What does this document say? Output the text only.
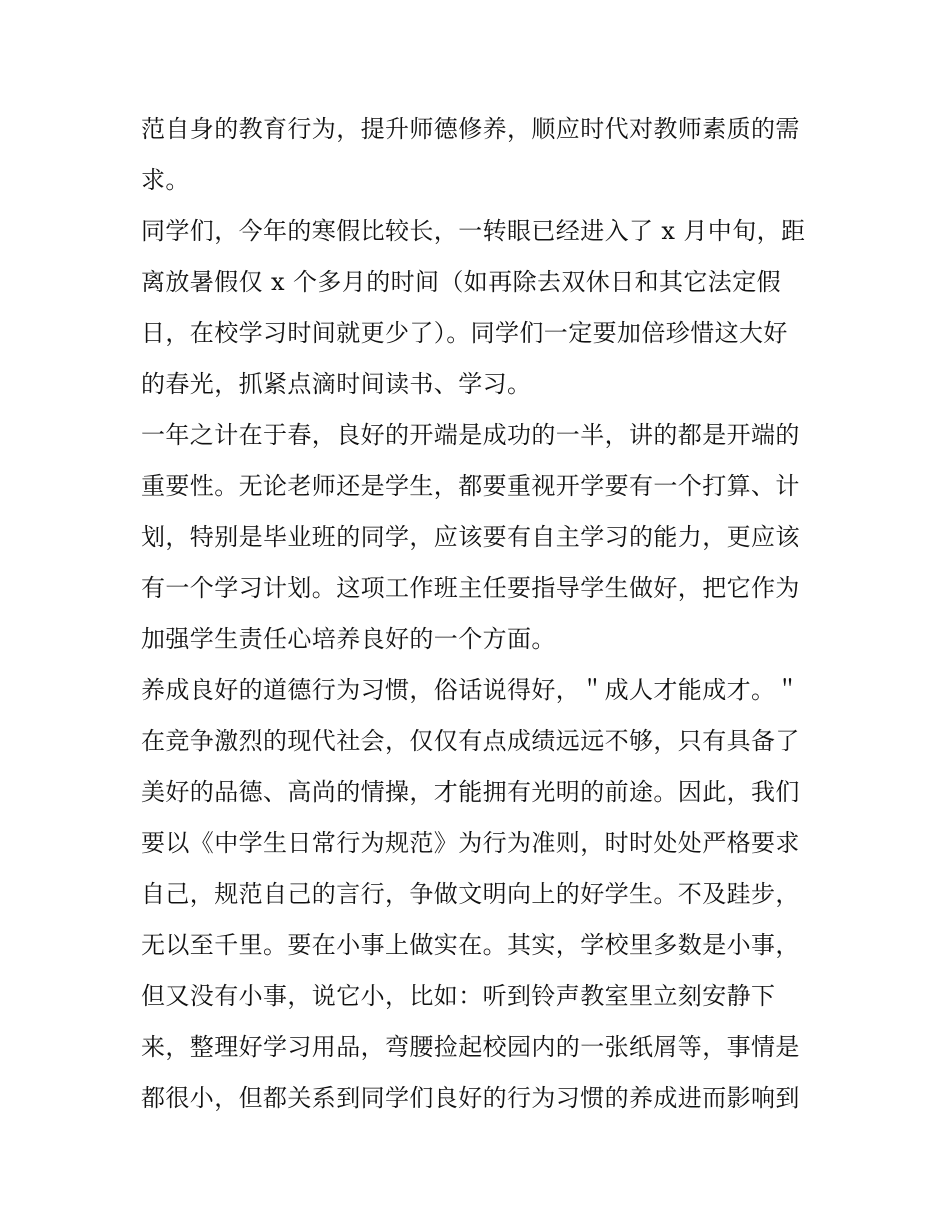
范自身的教育行为，提升师德修养，顺应时代对教师素质的需
求。
同学们，今年的寒假比较长，一转眼已经进入了 x 月中旬，距
离放暑假仅 x 个多月的时间（如再除去双休日和其它法定假
日，在校学习时间就更少了）。同学们一定要加倍珍惜这大好
的春光，抓紧点滴时间读书、学习。
一年之计在于春，良好的开端是成功的一半，讲的都是开端的
重要性。无论老师还是学生，都要重视开学要有一个打算、计
划，特别是毕业班的同学，应该要有自主学习的能力，更应该
有一个学习计划。这项工作班主任要指导学生做好，把它作为
加强学生责任心培养良好的一个方面。
养成良好的道德行为习惯，俗话说得好，＂成人才能成才。＂
在竞争激烈的现代社会，仅仅有点成绩远远不够，只有具备了
美好的品德、高尚的情操，才能拥有光明的前途。因此，我们
要以《中学生日常行为规范》为行为准则，时时处处严格要求
自己，规范自己的言行，争做文明向上的好学生。不及跬步，
无以至千里。要在小事上做实在。其实，学校里多数是小事，
但又没有小事，说它小，比如：听到铃声教室里立刻安静下
来，整理好学习用品，弯腰捡起校园内的一张纸屑等，事情是
都很小，但都关系到同学们良好的行为习惯的养成进而影响到
